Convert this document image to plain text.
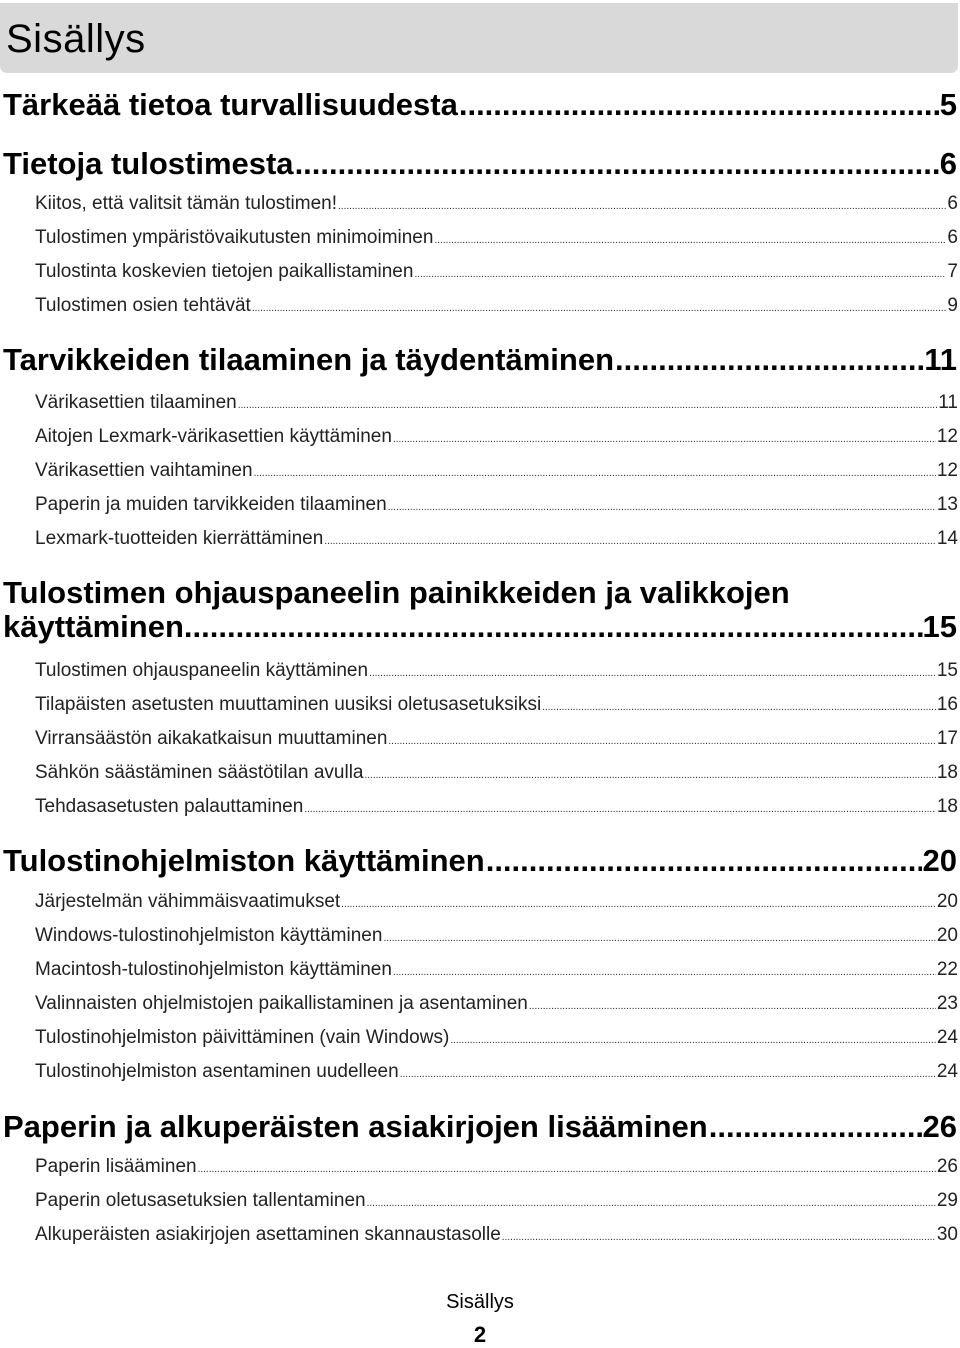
Sisällys
Tärkeää tietoa turvallisuudesta .....	5
Tietoja tulostimesta .....	6
Kiitos, että valitsit tämän tulostimen! .....	6
Tulostimen ympäristövaikutusten minimoiminen .....	6
Tulostinta koskevien tietojen paikallistaminen .....	7
Tulostimen osien tehtävät .....	9
Tarvikkeiden tilaaminen ja täydentäminen .....	11
Värikasettien tilaaminen .....	11
Aitojen Lexmark-värikasettien käyttäminen .....	12
Värikasettien vaihtaminen .....	12
Paperin ja muiden tarvikkeiden tilaaminen .....	13
Lexmark-tuotteiden kierrättäminen .....	14
Tulostimen ohjauspaneelin painikkeiden ja valikkojen
käyttäminen .....	15
Tulostimen ohjauspaneelin käyttäminen .....	15
Tilapäisten asetusten muuttaminen uusiksi oletusasetuksiksi .....	16
Virransäästön aikakatkaisun muuttaminen .....	17
Sähkön säästäminen säästötilan avulla .....	18
Tehdasasetusten palauttaminen .....	18
Tulostinohjelmiston käyttäminen .....	20
Järjestelmän vähimmäisvaatimukset .....	20
Windows-tulostinohjelmiston käyttäminen .....	20
Macintosh-tulostinohjelmiston käyttäminen .....	22
Valinnaisten ohjelmistojen paikallistaminen ja asentaminen .....	23
Tulostinohjelmiston päivittäminen (vain Windows) .....	24
Tulostinohjelmiston asentaminen uudelleen .....	24
Paperin ja alkuperäisten asiakirjojen lisääminen .....	26
Paperin lisääminen .....	26
Paperin oletusasetuksien tallentaminen .....	29
Alkuperäisten asiakirjojen asettaminen skannaustasolle .....	30
Sisällys
2
